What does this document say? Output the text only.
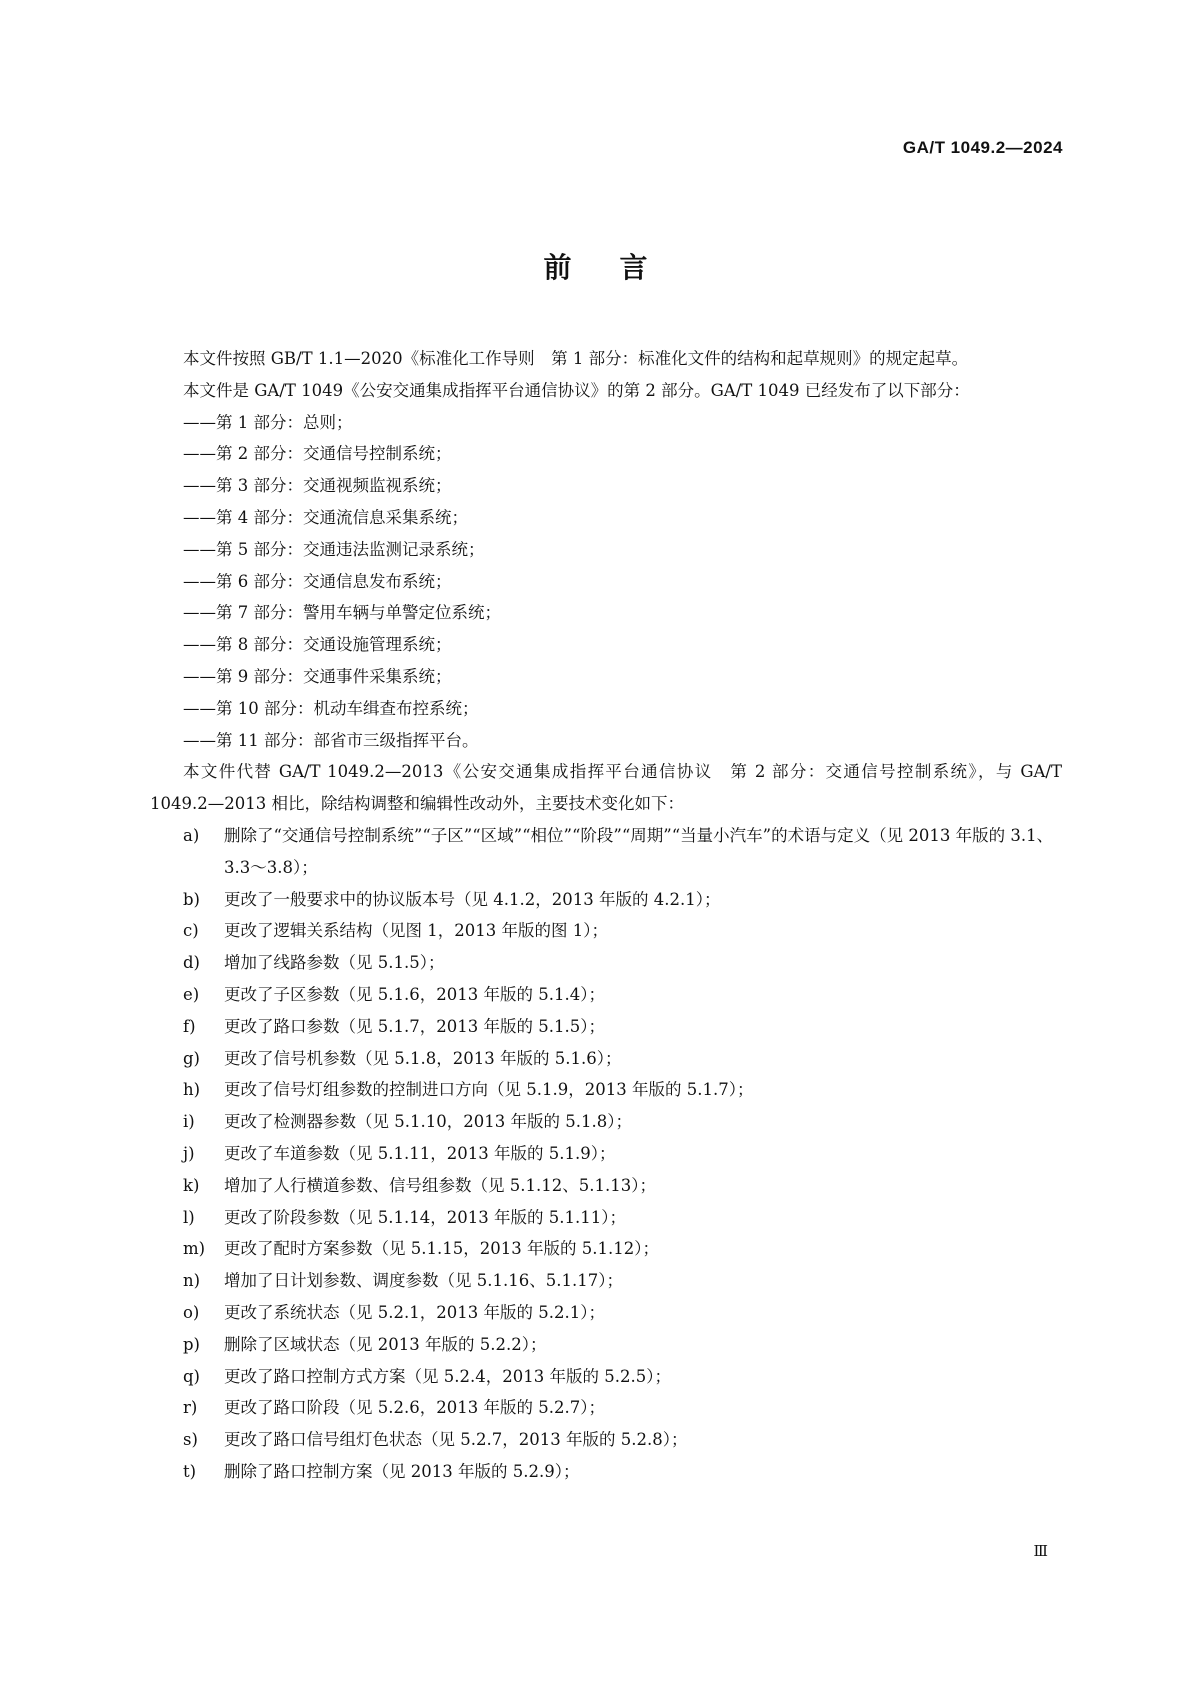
GA/T 1049.2—2024
前言

本文件按照 GB/T 1.1—2020《标准化工作导则　第 1 部分：标准化文件的结构和起草规则》的规定起草。

本文件是 GA/T 1049《公安交通集成指挥平台通信协议》的第 2 部分。GA/T 1049 已经发布了以下部分：

——第 1 部分：总则；
——第 2 部分：交通信号控制系统；
——第 3 部分：交通视频监视系统；
——第 4 部分：交通流信息采集系统；
——第 5 部分：交通违法监测记录系统；
——第 6 部分：交通信息发布系统；
——第 7 部分：警用车辆与单警定位系统；
——第 8 部分：交通设施管理系统；
——第 9 部分：交通事件采集系统；
——第 10 部分：机动车缉查布控系统；
——第 11 部分：部省市三级指挥平台。

本文件代替 GA/T 1049.2—2013《公安交通集成指挥平台通信协议　第 2 部分：交通信号控制系统》，与 GA/T 1049.2—2013 相比，除结构调整和编辑性改动外，主要技术变化如下：

a) 删除了“交通信号控制系统”“子区”“区域”“相位”“阶段”“周期”“当量小汽车”的术语与定义（见 2013 年版的 3.1、3.3～3.8）；
b) 更改了一般要求中的协议版本号（见 4.1.2，2013 年版的 4.2.1）；
c) 更改了逻辑关系结构（见图 1，2013 年版的图 1）；
d) 增加了线路参数（见 5.1.5）；
e) 更改了子区参数（见 5.1.6，2013 年版的 5.1.4）；
f) 更改了路口参数（见 5.1.7，2013 年版的 5.1.5）；
g) 更改了信号机参数（见 5.1.8，2013 年版的 5.1.6）；
h) 更改了信号灯组参数的控制进口方向（见 5.1.9，2013 年版的 5.1.7）；
i) 更改了检测器参数（见 5.1.10，2013 年版的 5.1.8）；
j) 更改了车道参数（见 5.1.11，2013 年版的 5.1.9）；
k) 增加了人行横道参数、信号组参数（见 5.1.12、5.1.13）；
l) 更改了阶段参数（见 5.1.14，2013 年版的 5.1.11）；
m) 更改了配时方案参数（见 5.1.15，2013 年版的 5.1.12）；
n) 增加了日计划参数、调度参数（见 5.1.16、5.1.17）；
o) 更改了系统状态（见 5.2.1，2013 年版的 5.2.1）；
p) 删除了区域状态（见 2013 年版的 5.2.2）；
q) 更改了路口控制方式方案（见 5.2.4，2013 年版的 5.2.5）；
r) 更改了路口阶段（见 5.2.6，2013 年版的 5.2.7）；
s) 更改了路口信号组灯色状态（见 5.2.7，2013 年版的 5.2.8）；
t) 删除了路口控制方案（见 2013 年版的 5.2.9）；
Ⅲ
